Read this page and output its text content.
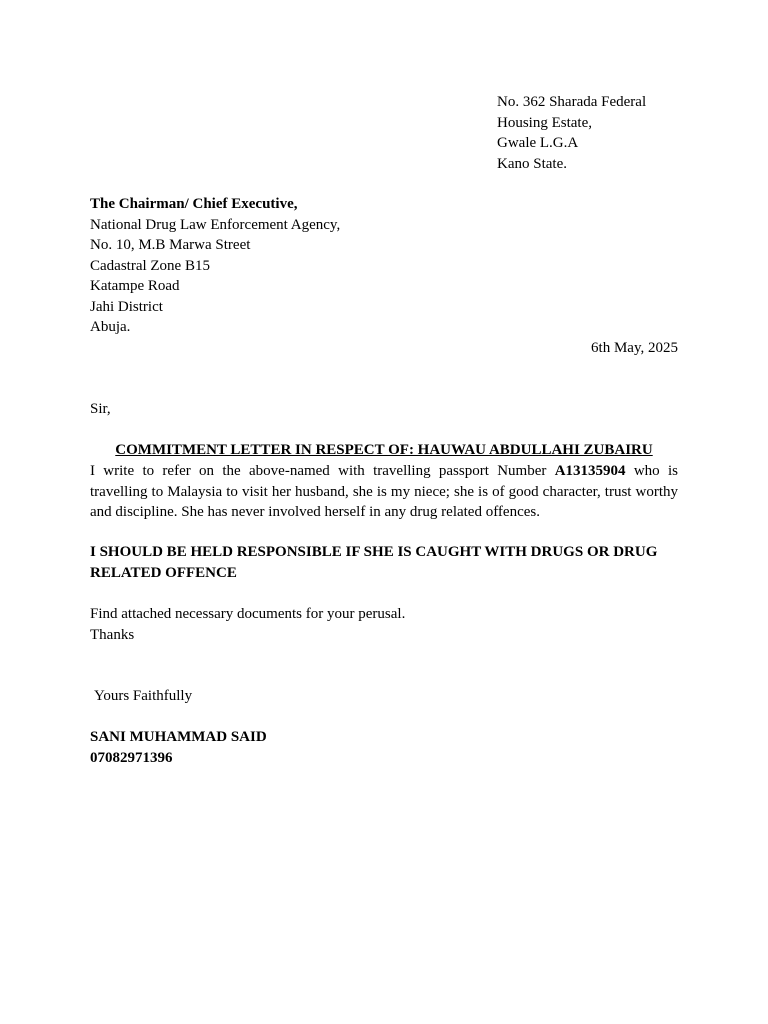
No. 362 Sharada Federal
Housing Estate,
Gwale L.G.A
Kano State.
The Chairman/ Chief Executive,
National Drug Law Enforcement Agency,
No. 10, M.B Marwa Street
Cadastral Zone B15
Katampe Road
Jahi District
Abuja.
6th May, 2025
Sir,
COMMITMENT LETTER IN RESPECT OF: HAUWAU ABDULLAHI ZUBAIRU
I write to refer on the above-named with travelling passport Number A13135904 who is travelling to Malaysia to visit her husband, she is my niece; she is of good character, trust worthy and discipline. She has never involved herself in any drug related offences.
I SHOULD BE HELD RESPONSIBLE IF SHE IS CAUGHT WITH DRUGS OR DRUG RELATED OFFENCE
Find attached necessary documents for your perusal.
Thanks
Yours Faithfully
SANI MUHAMMAD SAID
07082971396
